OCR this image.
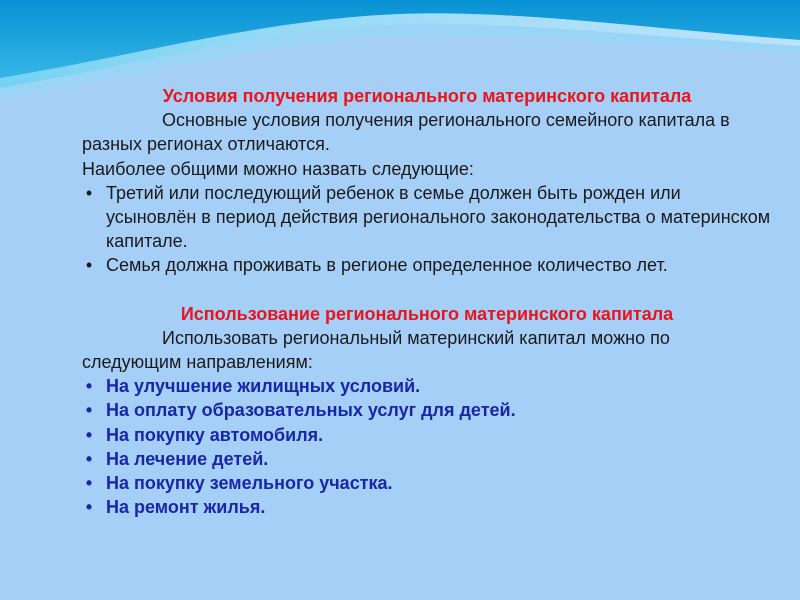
Условия получения регионального материнского капитала

Основные условия получения регионального семейного капитала в разных регионах отличаются.

Наиболее общими можно назвать следующие:

• Третий или последующий ребенок в семье должен быть рожден или усыновлён в период действия регионального законодательства о материнском капитале.
• Семья должна проживать в регионе определенное количество лет.

Использование регионального материнского капитала

Использовать региональный материнский капитал можно по следующим направлениям:

• На улучшение жилищных условий.
• На оплату образовательных услуг для детей.
• На покупку автомобиля.
• На лечение детей.
• На покупку земельного участка.
• На ремонт жилья.
